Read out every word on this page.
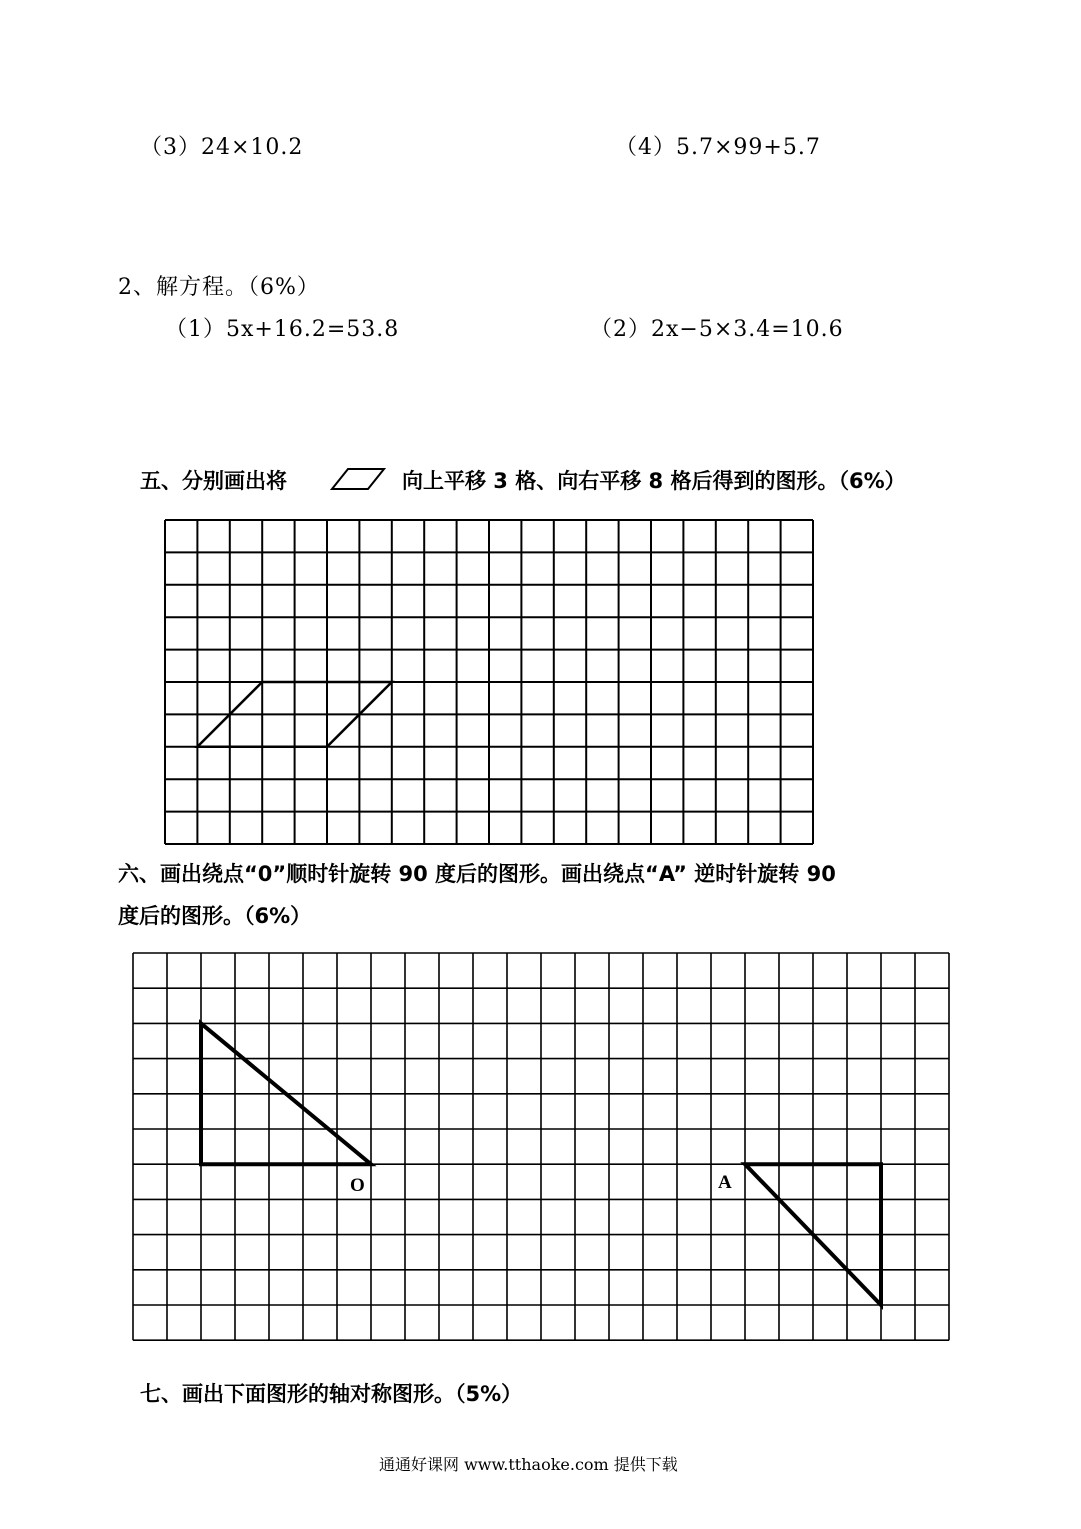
（3）24×10.2	（4）5.7×99+5.7
2、解方程。（6%）
（1）5x+16.2=53.8	（2）2x−5×3.4=10.6
五、分别画出将	向上平移 3 格、向右平移 8 格后得到的图形。（6%）
六、画出绕点“0”顺时针旋转 90 度后的图形。画出绕点“A” 逆时针旋转 90
度后的图形。（6%）
O	A
七、画出下面图形的轴对称图形。（5%）
通通好课网 www.tthaoke.com 提供下载
